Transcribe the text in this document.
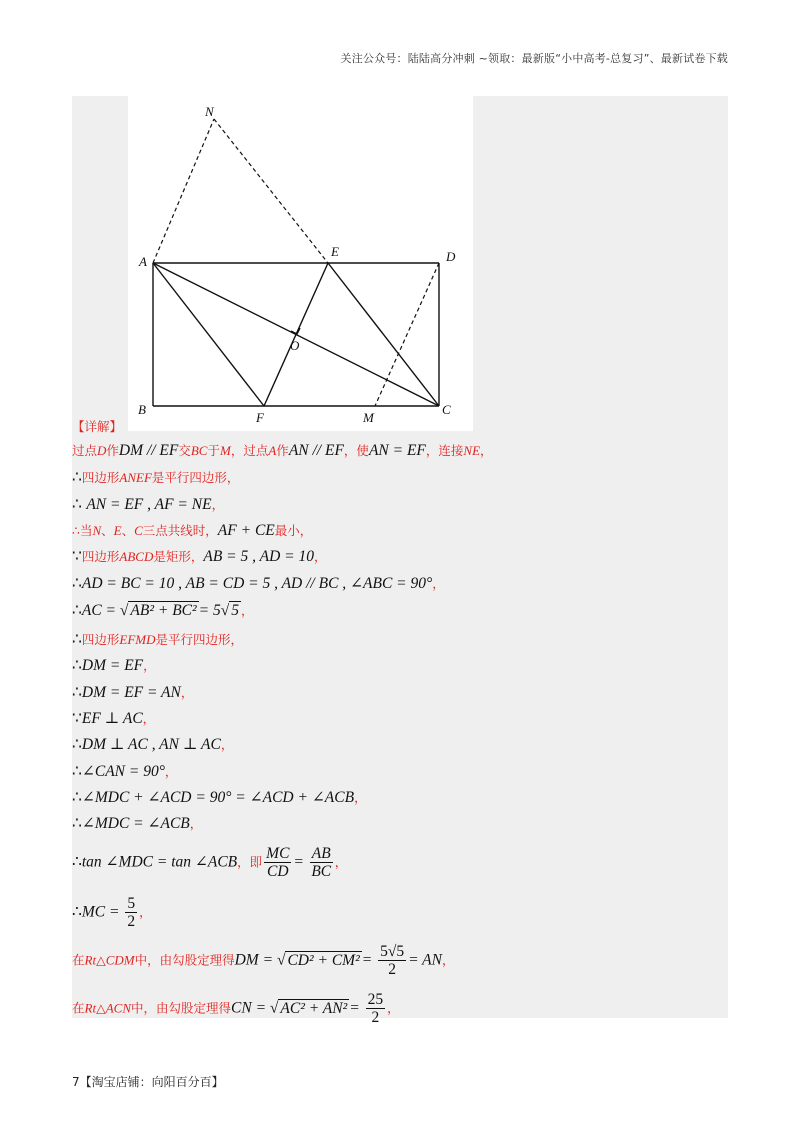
关注公众号：陆陆高分冲刺 ~领取：最新版“小中高考-总复习”、最新试卷下载
N
A
E	D
O
B
F	M
C
【详解】
过点D作DM // EF交BC于M，过点A作AN // EF，使AN = EF，连接NE，
∴四边形ANEF是平行四边形，
∴ AN = EF , AF = NE，
∴当N、E、C三点共线时，AF + CE最小，
∵四边形ABCD是矩形，AB = 5 , AD = 10，
∴AD = BC = 10 , AB = CD = 5 , AD // BC , ∠ABC = 90°，
∴AC = √ AB² + BC² = 5√ 5 ，
∴四边形EFMD是平行四边形，
∴DM = EF，
∴DM = EF = AN，
∵EF ⊥ AC，
∴DM ⊥ AC , AN ⊥ AC，
∴∠CAN = 90°，
∴∠MDC + ∠ACD = 90° = ∠ACD + ∠ACB，
∴∠MDC = ∠ACB，
∴tan ∠MDC = tan ∠ACB，即 $\frac{MC}{CD} = \frac{AB}{BC}$ ，
∴MC = $\frac{5}{2}$ ，
在Rt△CDM中，由勾股定理得DM = √ $CD^2 + CM^2 = \frac{5√5}{2}$ = AN，
在Rt△ACN中，由勾股定理得CN = √ $AC^2 + AN^2 = \frac{25}{2}$ ，
7【淘宝店铺：向阳百分百】
